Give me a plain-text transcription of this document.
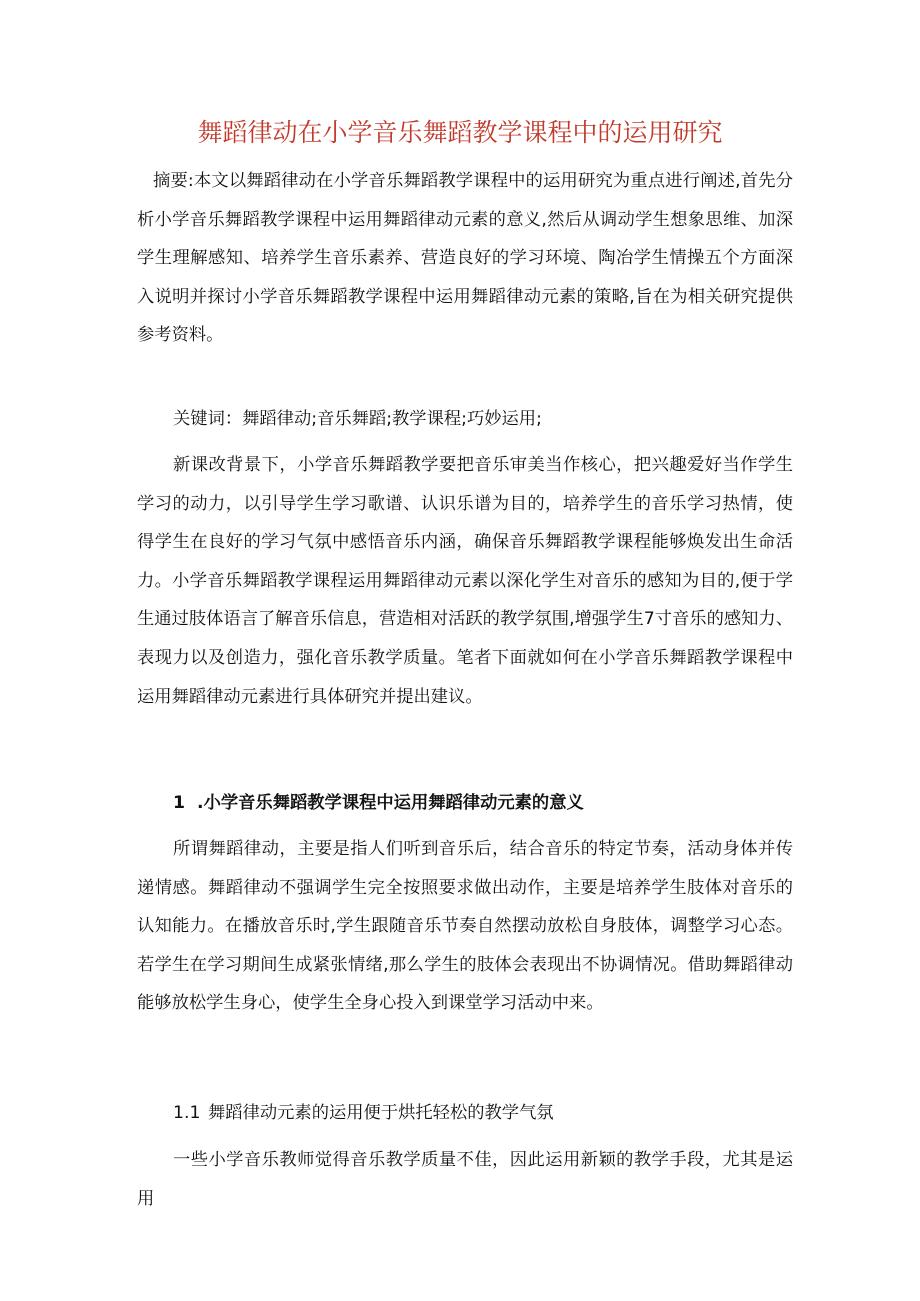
舞蹈律动在小学音乐舞蹈教学课程中的运用研究

摘要:本文以舞蹈律动在小学音乐舞蹈教学课程中的运用研究为重点进行阐述,首先分析小学音乐舞蹈教学课程中运用舞蹈律动元素的意义,然后从调动学生想象思维、加深学生理解感知、培养学生音乐素养、营造良好的学习环境、陶冶学生情操五个方面深入说明并探讨小学音乐舞蹈教学课程中运用舞蹈律动元素的策略,旨在为相关研究提供参考资料。

关键词：舞蹈律动;音乐舞蹈;教学课程;巧妙运用;

新课改背景下，小学音乐舞蹈教学要把音乐审美当作核心，把兴趣爱好当作学生学习的动力，以引导学生学习歌谱、认识乐谱为目的，培养学生的音乐学习热情，使得学生在良好的学习气氛中感悟音乐内涵，确保音乐舞蹈教学课程能够焕发出生命活力。小学音乐舞蹈教学课程运用舞蹈律动元素以深化学生对音乐的感知为目的,便于学生通过肢体语言了解音乐信息，营造相对活跃的教学氛围,增强学生7寸音乐的感知力、表现力以及创造力，强化音乐教学质量。笔者下面就如何在小学音乐舞蹈教学课程中运用舞蹈律动元素进行具体研究并提出建议。

1 .小学音乐舞蹈教学课程中运用舞蹈律动元素的意义

所谓舞蹈律动，主要是指人们听到音乐后，结合音乐的特定节奏，活动身体并传递情感。舞蹈律动不强调学生完全按照要求做出动作，主要是培养学生肢体对音乐的认知能力。在播放音乐时,学生跟随音乐节奏自然摆动放松自身肢体，调整学习心态。若学生在学习期间生成紧张情绪,那么学生的肢体会表现出不协调情况。借助舞蹈律动能够放松学生身心，使学生全身心投入到课堂学习活动中来。

1.1 舞蹈律动元素的运用便于烘托轻松的教学气氛

一些小学音乐教师觉得音乐教学质量不佳，因此运用新颖的教学手段，尤其是运用
